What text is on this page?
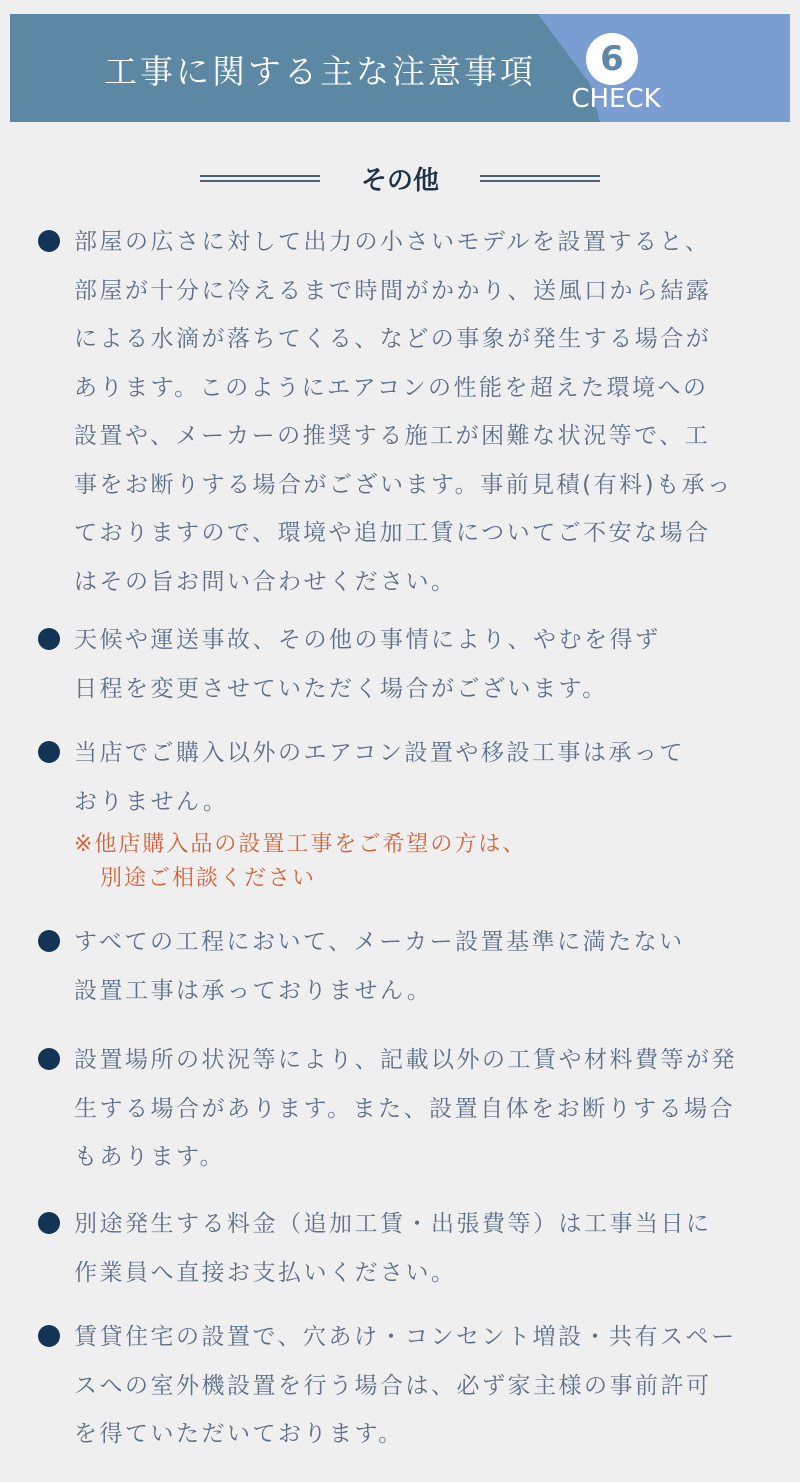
工事に関する主な注意事項	6
CHECK
その他
部屋の広さに対して出力の小さいモデルを設置すると、
部屋が十分に冷えるまで時間がかかり、送風口から結露
による水滴が落ちてくる、などの事象が発生する場合が
あります。このようにエアコンの性能を超えた環境への
設置や、メーカーの推奨する施工が困難な状況等で、工
事をお断りする場合がございます。事前見積(有料)も承っ
ておりますので、環境や追加工賃についてご不安な場合
はその旨お問い合わせください。
天候や運送事故、その他の事情により、やむを得ず
日程を変更させていただく場合がございます。
当店でご購入以外のエアコン設置や移設工事は承って
おりません。
※他店購入品の設置工事をご希望の方は、
別途ご相談ください
すべての工程において、メーカー設置基準に満たない
設置工事は承っておりません。
設置場所の状況等により、記載以外の工賃や材料費等が発
生する場合があります。また、設置自体をお断りする場合
もあります。
別途発生する料金（追加工賃・出張費等）は工事当日に
作業員へ直接お支払いください。
賃貸住宅の設置で、穴あけ・コンセント増設・共有スペー
スへの室外機設置を行う場合は、必ず家主様の事前許可
を得ていただいております。
